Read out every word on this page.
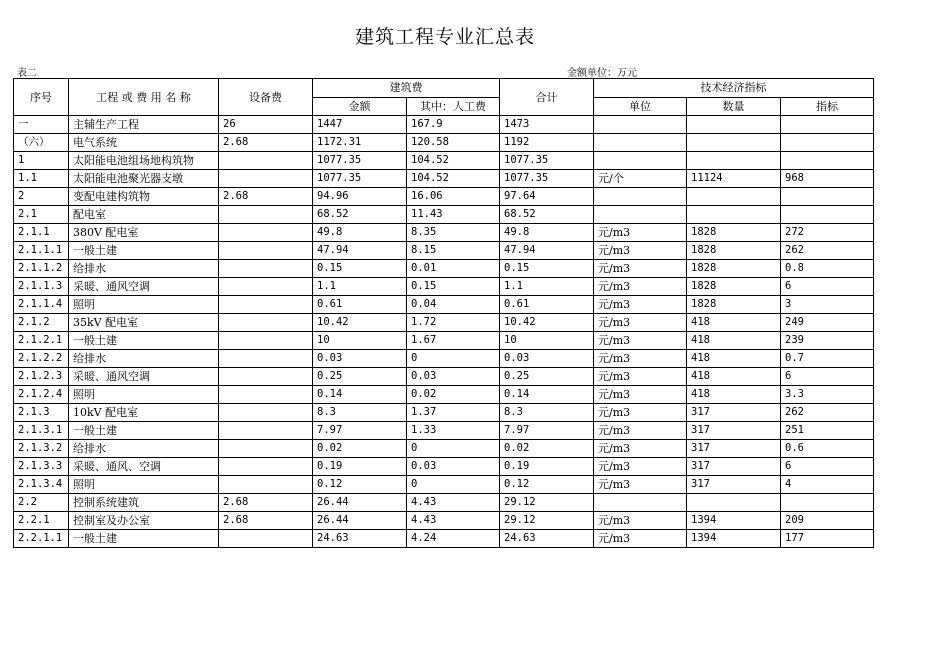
建筑工程专业汇总表
表二	金额单位：万元
序号	工程 或 费 用 名 称	设备费	建筑费		合计	技术经济指标		
			金额	其中：人工费		单位	数量	指标
一	主辅生产工程	26	1447	167.9	1473			
（六）	电气系统	2.68	1172.31	120.58	1192			
1	太阳能电池组场地构筑物		1077.35	104.52	1077.35			
1.1	太阳能电池聚光器支墩		1077.35	104.52	1077.35	元/个	11124	968
2	变配电建构筑物	2.68	94.96	16.06	97.64			
2.1	配电室		68.52	11.43	68.52			
2.1.1	380V 配电室		49.8	8.35	49.8	元/m3	1828	272
2.1.1.1	一般土建		47.94	8.15	47.94	元/m3	1828	262
2.1.1.2	给排水		0.15	0.01	0.15	元/m3	1828	0.8
2.1.1.3	采暖、通风空调		1.1	0.15	1.1	元/m3	1828	6
2.1.1.4	照明		0.61	0.04	0.61	元/m3	1828	3
2.1.2	35kV 配电室		10.42	1.72	10.42	元/m3	418	249
2.1.2.1	一般土建		10	1.67	10	元/m3	418	239
2.1.2.2	给排水		0.03	0	0.03	元/m3	418	0.7
2.1.2.3	采暖、通风空调		0.25	0.03	0.25	元/m3	418	6
2.1.2.4	照明		0.14	0.02	0.14	元/m3	418	3.3
2.1.3	10kV 配电室		8.3	1.37	8.3	元/m3	317	262
2.1.3.1	一般土建		7.97	1.33	7.97	元/m3	317	251
2.1.3.2	给排水		0.02	0	0.02	元/m3	317	0.6
2.1.3.3	采暖、通风、空调		0.19	0.03	0.19	元/m3	317	6
2.1.3.4	照明		0.12	0	0.12	元/m3	317	4
2.2	控制系统建筑	2.68	26.44	4.43	29.12			
2.2.1	控制室及办公室	2.68	26.44	4.43	29.12	元/m3	1394	209
2.2.1.1	一般土建		24.63	4.24	24.63	元/m3	1394	177
